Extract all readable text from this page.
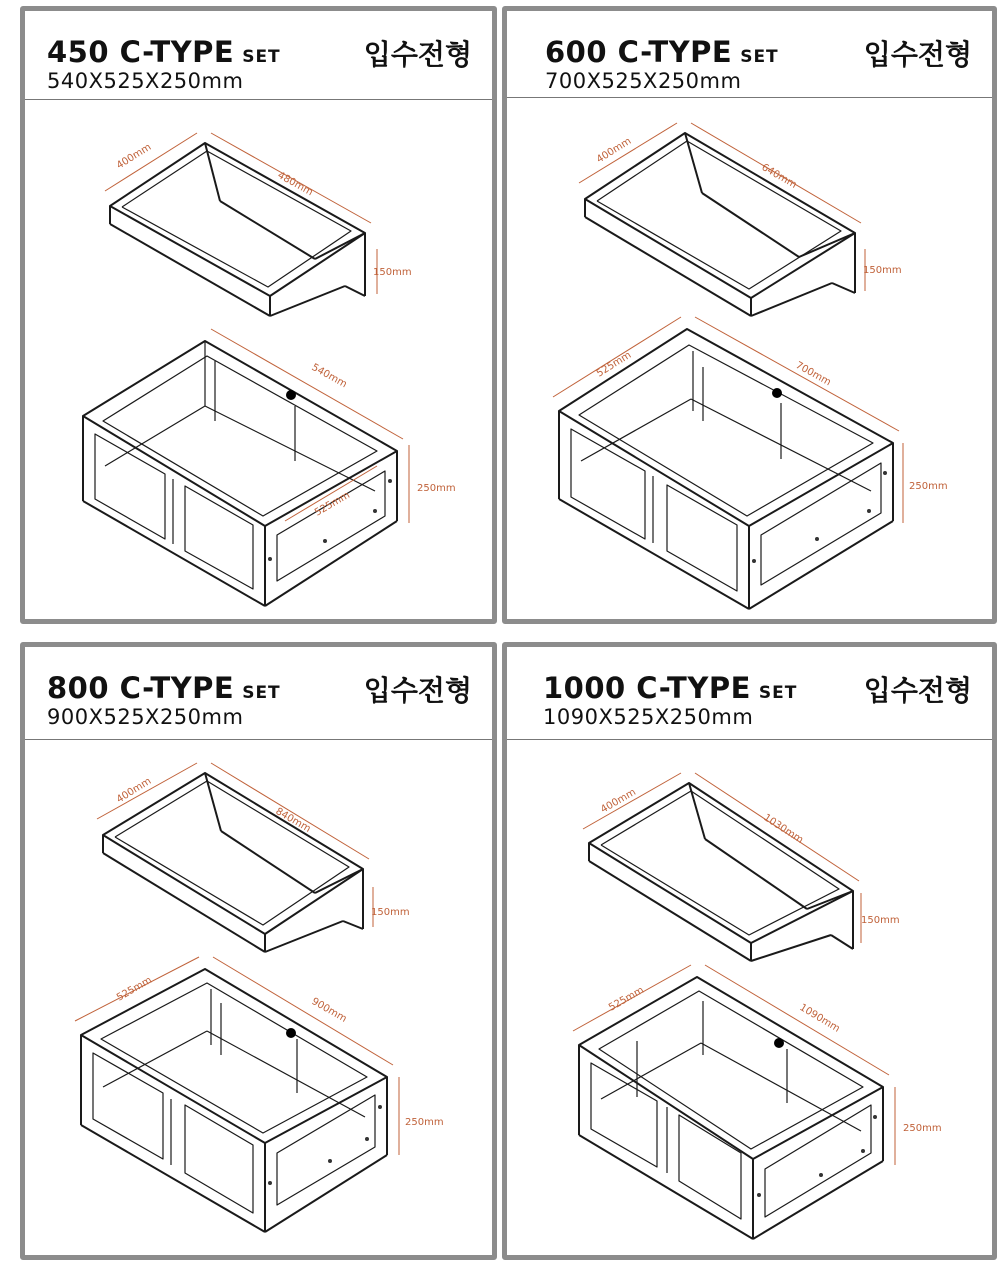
450 C-TYPE SET	입수전형
540X525X250mm
400mm
480mm
150mm
540mm
525mm
250mm
600 C-TYPE SET	입수전형
700X525X250mm
400mm
640mm
150mm
525mm	700mm
250mm
800 C-TYPE SET	입수전형
900X525X250mm
400mm
840mm
150mm
525mm
900mm
250mm
1000 C-TYPE SET 입수전형
1090X525X250mm
400mm
1030mm
150mm
525mm
1090mm
250mm
